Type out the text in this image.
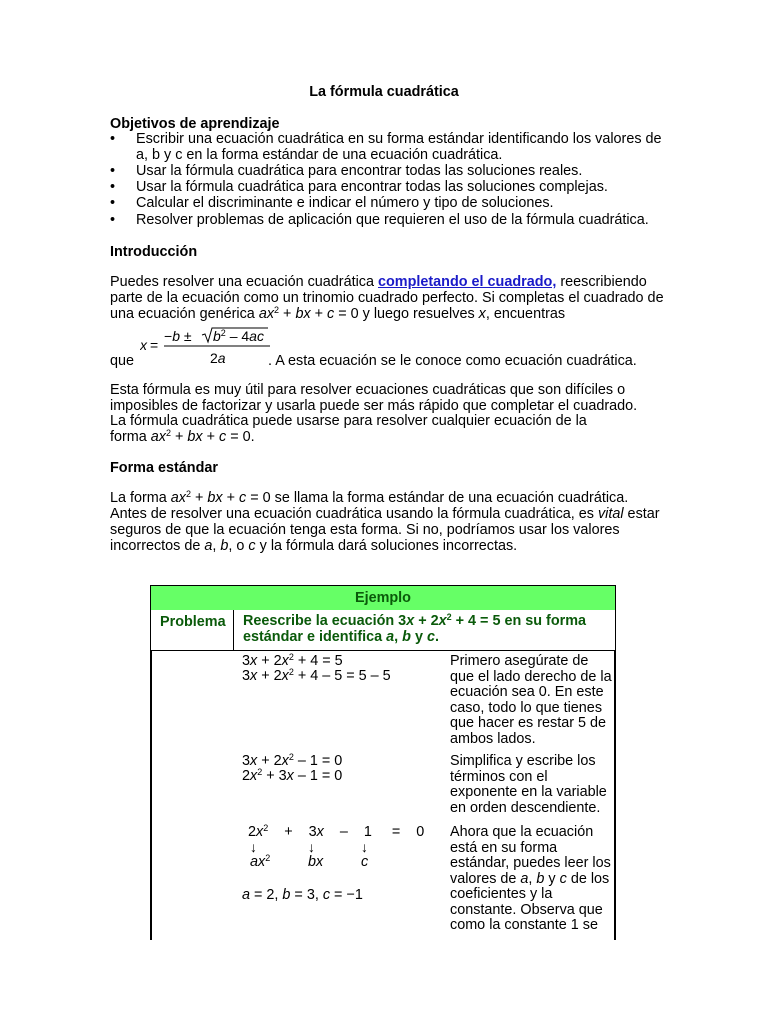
La fórmula cuadrática
Objetivos de aprendizaje
• Escribir una ecuación cuadrática en su forma estándar identificando los valores de a, b y c en la forma estándar de una ecuación cuadrática.
• Usar la fórmula cuadrática para encontrar todas las soluciones reales.
• Usar la fórmula cuadrática para encontrar todas las soluciones complejas.
• Calcular el discriminante e indicar el número y tipo de soluciones.
• Resolver problemas de aplicación que requieren el uso de la fórmula cuadrática.
Introducción
Puedes resolver una ecuación cuadrática completando el cuadrado, reescribiendo
parte de la ecuación como un trinomio cuadrado perfecto. Si completas el cuadrado de
una ecuación genérica $ax^2$ + bx + c = 0 y luego resuelves x, encuentras
x =
$-b \pm b^2 - 4ac$
2a
que	. A esta ecuación se le conoce como ecuación cuadrática.
Esta fórmula es muy útil para resolver ecuaciones cuadráticas que son difíciles o imposibles de factorizar y usarla puede ser más rápido que completar el cuadrado. La fórmula cuadrática puede usarse para resolver cualquier ecuación de la
forma $ax^2$ + bx + c = 0.
Forma estándar
La forma $ax^2$ + bx + c = 0 se llama la forma estándar de una ecuación cuadrática.
Antes de resolver una ecuación cuadrática usando la fórmula cuadrática, es vital estar
seguros de que la ecuación tenga esta forma. Si no, podríamos usar los valores
incorrectos de a, b, o c y la fórmula dará soluciones incorrectas.
Ejemplo
Problema Reescribe la ecuación $3x + 2x^2 + 4 = 5$ en su forma estándar e identifica a, b y c.
$3x + 2x^2 + 4 = 5$
$3x + 2x^2 + 4 - 5 = 5 - 5$
Primero asegúrate de que el lado derecho de la ecuación sea 0. En este caso, todo lo que tienes que hacer es restar 5 de ambos lados.
$3x + 2x^2 - 1 = 0$
$2x^2 + 3x - 1 = 0$
Simplifica y escribe los términos con el exponente en la variable en orden descendiente.
$2x^2$    +    3x    –    1     =    0
↓	↓	↓
$ax^2$	bx	c
a = 2, b = 3, c = −1
Ahora que la ecuación está en su forma estándar, puedes leer los valores de a, b y c de los coeficientes y la constante. Observa que como la constante 1 se
